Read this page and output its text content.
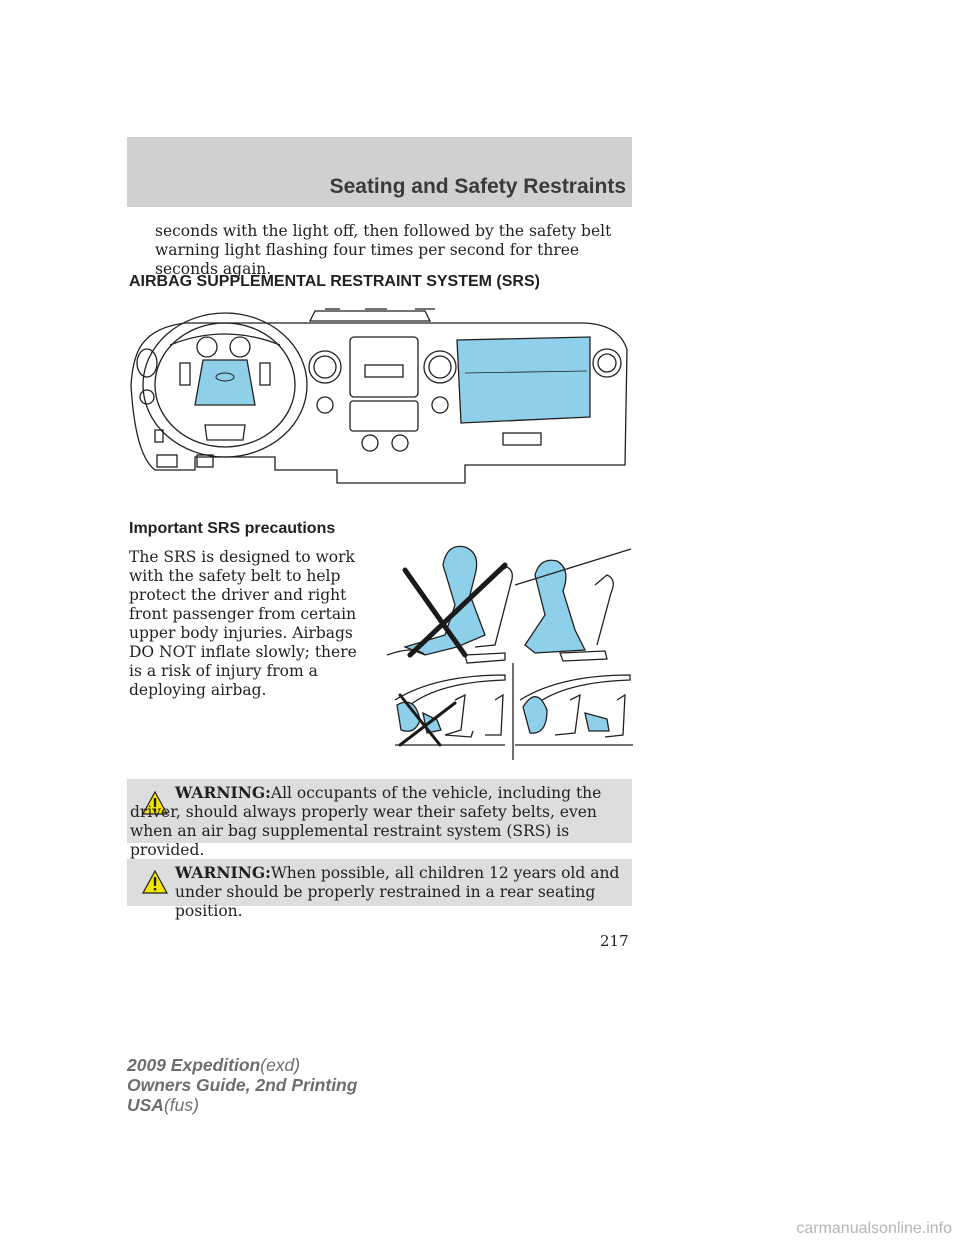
Seating and Safety Restraints

seconds with the light off, then followed by the safety belt warning light flashing four times per second for three seconds again.

AIRBAG SUPPLEMENTAL RESTRAINT SYSTEM (SRS)
Important SRS precautions

The SRS is designed to work with the safety belt to help protect the driver and right front passenger from certain upper body injuries. Airbags DO NOT inflate slowly; there is a risk of injury from a deploying airbag.

WARNING:All occupants of the vehicle, including the driver, should always properly wear their safety belts, even when an air bag supplemental restraint system (SRS) is provided.

WARNING:When possible, all children 12 years old and under should be properly restrained in a rear seating position.

217

2009 Expedition(exd)
Owners Guide, 2nd Printing
USA(fus)
carmanualsonline.info
